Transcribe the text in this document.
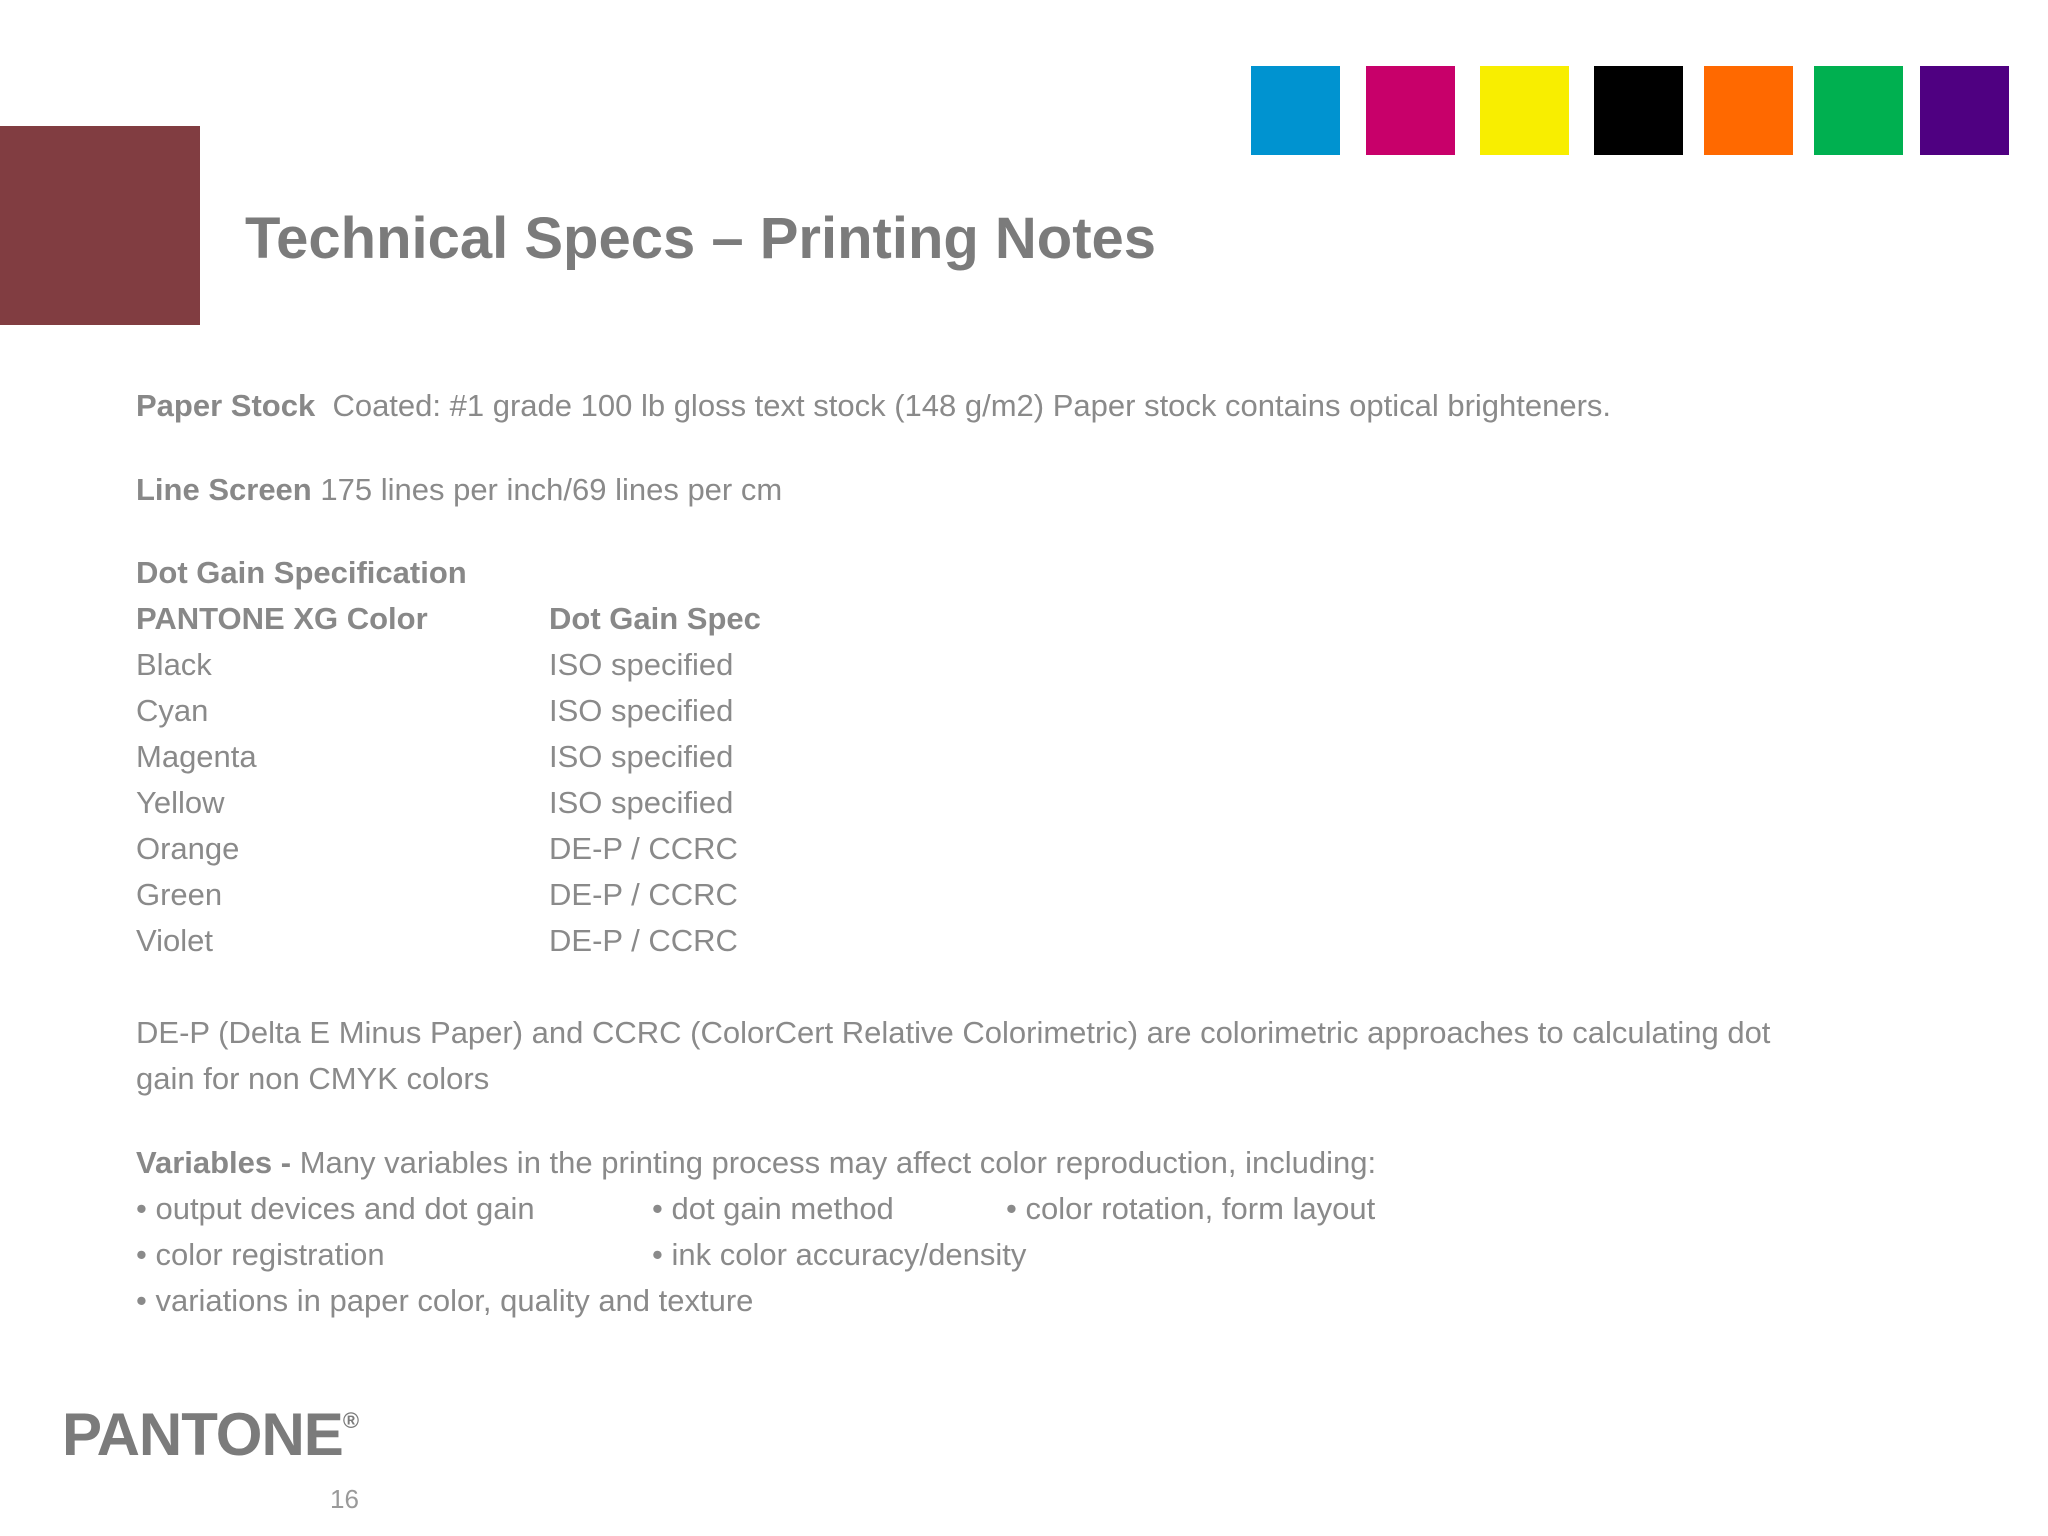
Technical Specs – Printing Notes
Paper Stock Coated: #1 grade 100 lb gloss text stock (148 g/m2) Paper stock contains optical brighteners.
Line Screen 175 lines per inch/69 lines per cm
Dot Gain Specification
PANTONE XG Color	Dot Gain Spec
Black	ISO specified
Cyan	ISO specified
Magenta	ISO specified
Yellow	ISO specified
Orange	DE-P / CCRC
Green	DE-P / CCRC
Violet	DE-P / CCRC
DE-P (Delta E Minus Paper) and CCRC (ColorCert Relative Colorimetric) are colorimetric approaches to calculating dot
gain for non CMYK colors
Variables - Many variables in the printing process may affect color reproduction, including:
• output devices and dot gain	• dot gain method	• color rotation, form layout
• color registration	• ink color accuracy/density
• variations in paper color, quality and texture
PANTONE®
16
